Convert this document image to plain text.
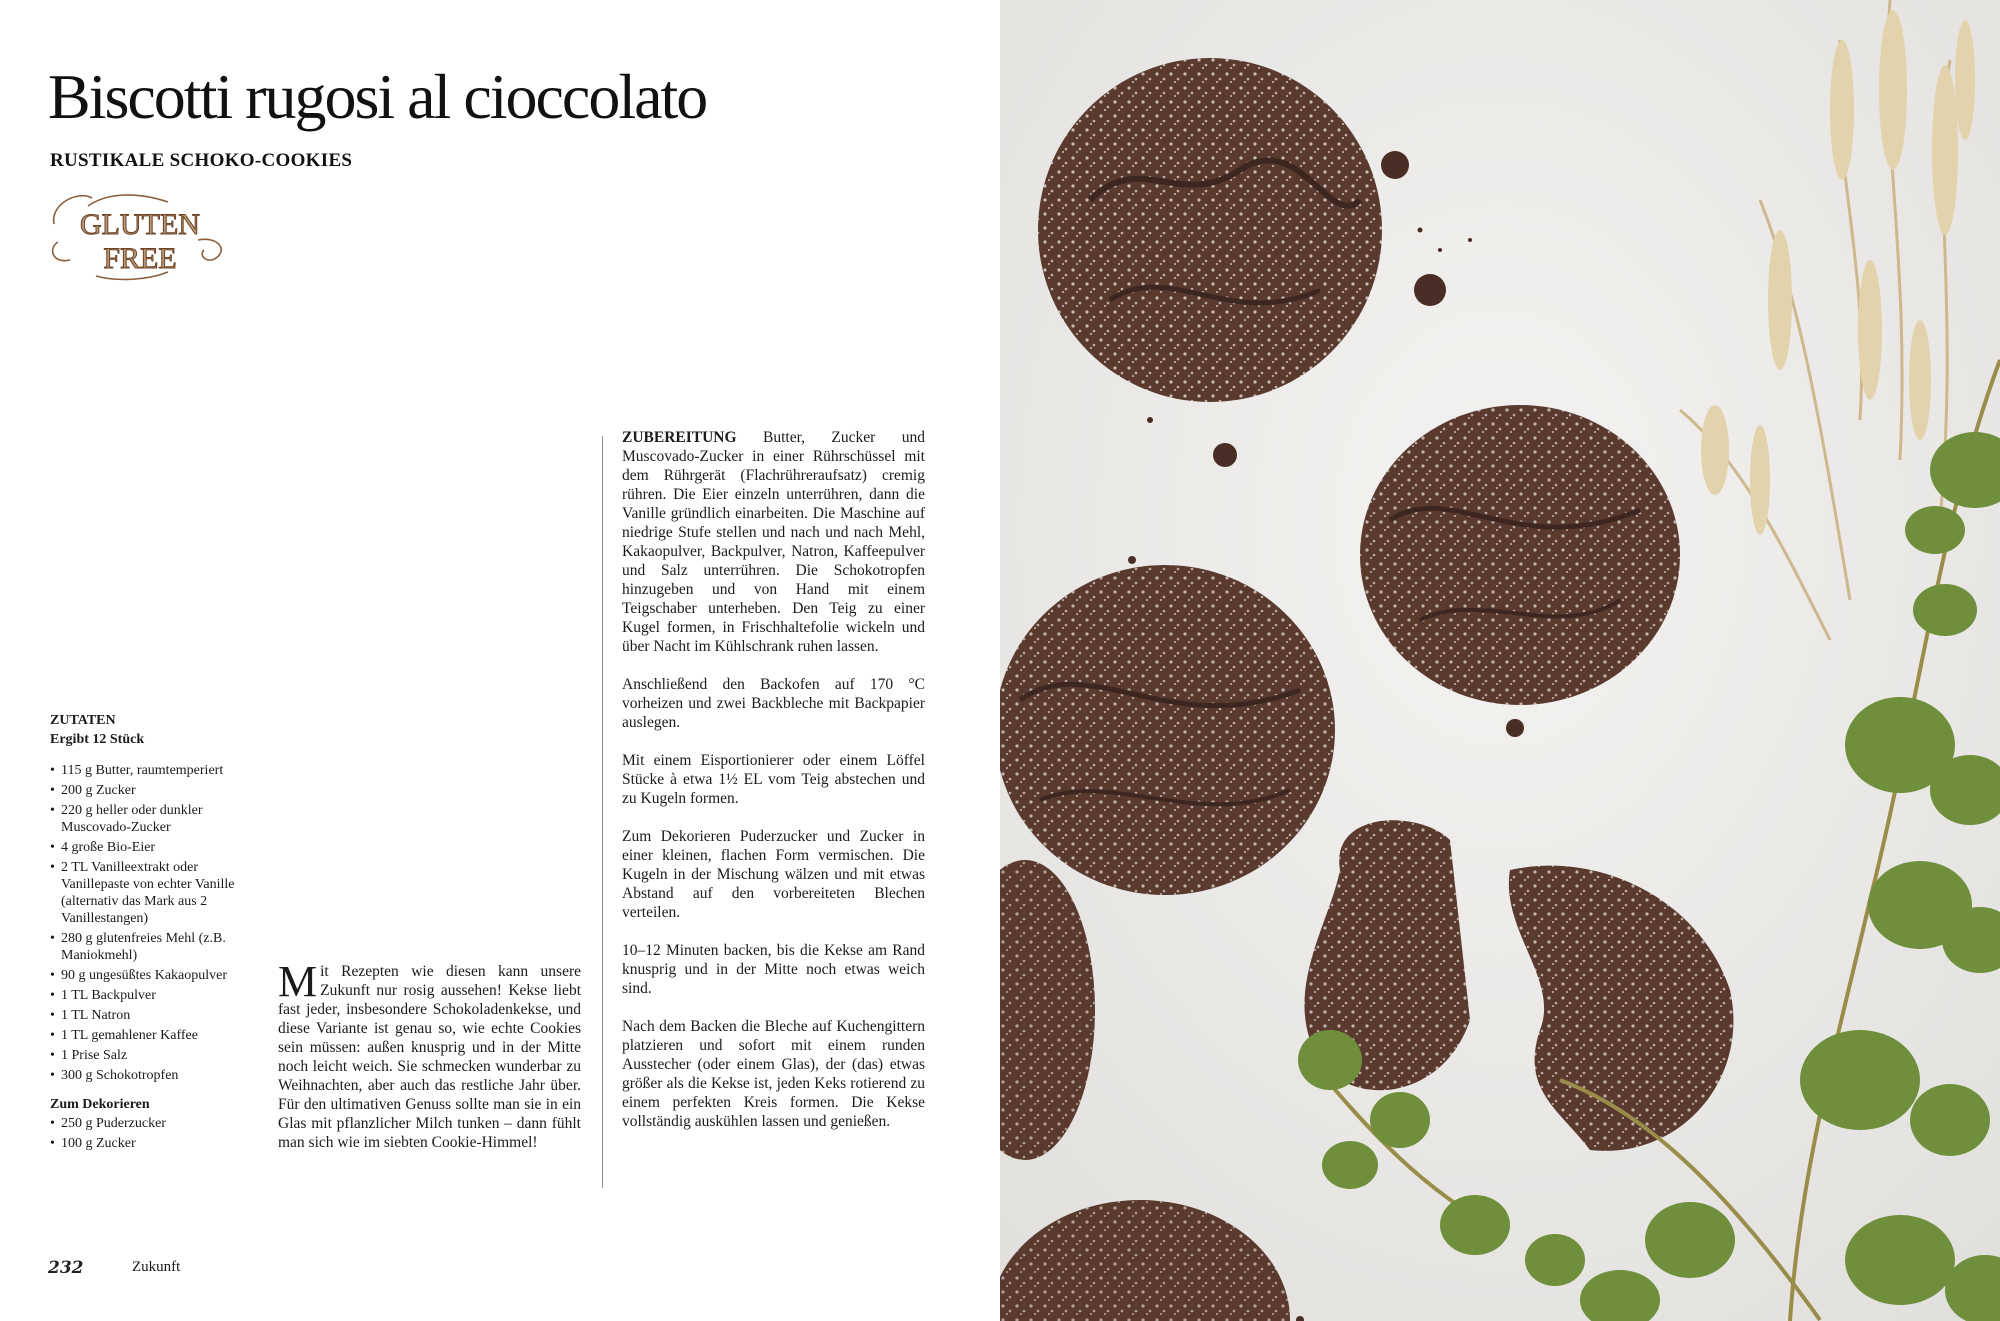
Biscotti rugosi al cioccolato
RUSTIKALE SCHOKO-COOKIES
GLUTEN
FREE

ZUTATEN

Ergibt 12 Stück

• 115 g Butter, raumtemperiert
• 200 g Zucker
• 220 g heller oder dunkler Muscovado-Zucker
• 4 große Bio-Eier
• 2 TL Vanilleextrakt oder Vanillepaste von echter Vanille (alternativ das Mark aus 2 Vanillestangen)
• 280 g glutenfreies Mehl (z.B. Maniokmehl)
• 90 g ungesüßtes Kakaopulver
• 1 TL Backpulver
• 1 TL Natron
• 1 TL gemahlener Kaffee
• 1 Prise Salz
• 300 g Schokotropfen

Zum Dekorieren

• 250 g Puderzucker
• 100 g Zucker

Mit Rezepten wie diesen kann unsere Zukunft nur rosig aussehen! Kekse liebt fast jeder, insbesondere Schokoladenkekse, und diese Variante ist genau so, wie echte Cookies sein müssen: außen knusprig und in der Mitte noch leicht weich. Sie schmecken wunderbar zu Weihnachten, aber auch das restliche Jahr über. Für den ultimativen Genuss sollte man sie in ein Glas mit pflanzlicher Milch tunken – dann fühlt man sich wie im siebten Cookie-Himmel!

ZUBEREITUNG Butter, Zucker und Muscovado-Zucker in einer Rührschüssel mit dem Rührgerät (Flachrühreraufsatz) cremig rühren. Die Eier einzeln unterrühren, dann die Vanille gründlich einarbeiten. Die Maschine auf niedrige Stufe stellen und nach und nach Mehl, Kakaopulver, Backpulver, Natron, Kaffeepulver und Salz unterrühren. Die Schokotropfen hinzugeben und von Hand mit einem Teigschaber unterheben. Den Teig zu einer Kugel formen, in Frischhaltefolie wickeln und über Nacht im Kühlschrank ruhen lassen.

Anschließend den Backofen auf 170 °C vorheizen und zwei Backbleche mit Backpapier auslegen.

Mit einem Eisportionierer oder einem Löffel Stücke à etwa 1½ EL vom Teig abstechen und zu Kugeln formen.

Zum Dekorieren Puderzucker und Zucker in einer kleinen, flachen Form vermischen. Die Kugeln in der Mischung wälzen und mit etwas Abstand auf den vorbereiteten Blechen verteilen.

10–12 Minuten backen, bis die Kekse am Rand knusprig und in der Mitte noch etwas weich sind.

Nach dem Backen die Bleche auf Kuchengittern platzieren und sofort mit einem runden Ausstecher (oder einem Glas), der (das) etwas größer als die Kekse ist, jeden Keks rotierend zu einem perfekten Kreis formen. Die Kekse vollständig auskühlen lassen und genießen.

232	Zukunft
